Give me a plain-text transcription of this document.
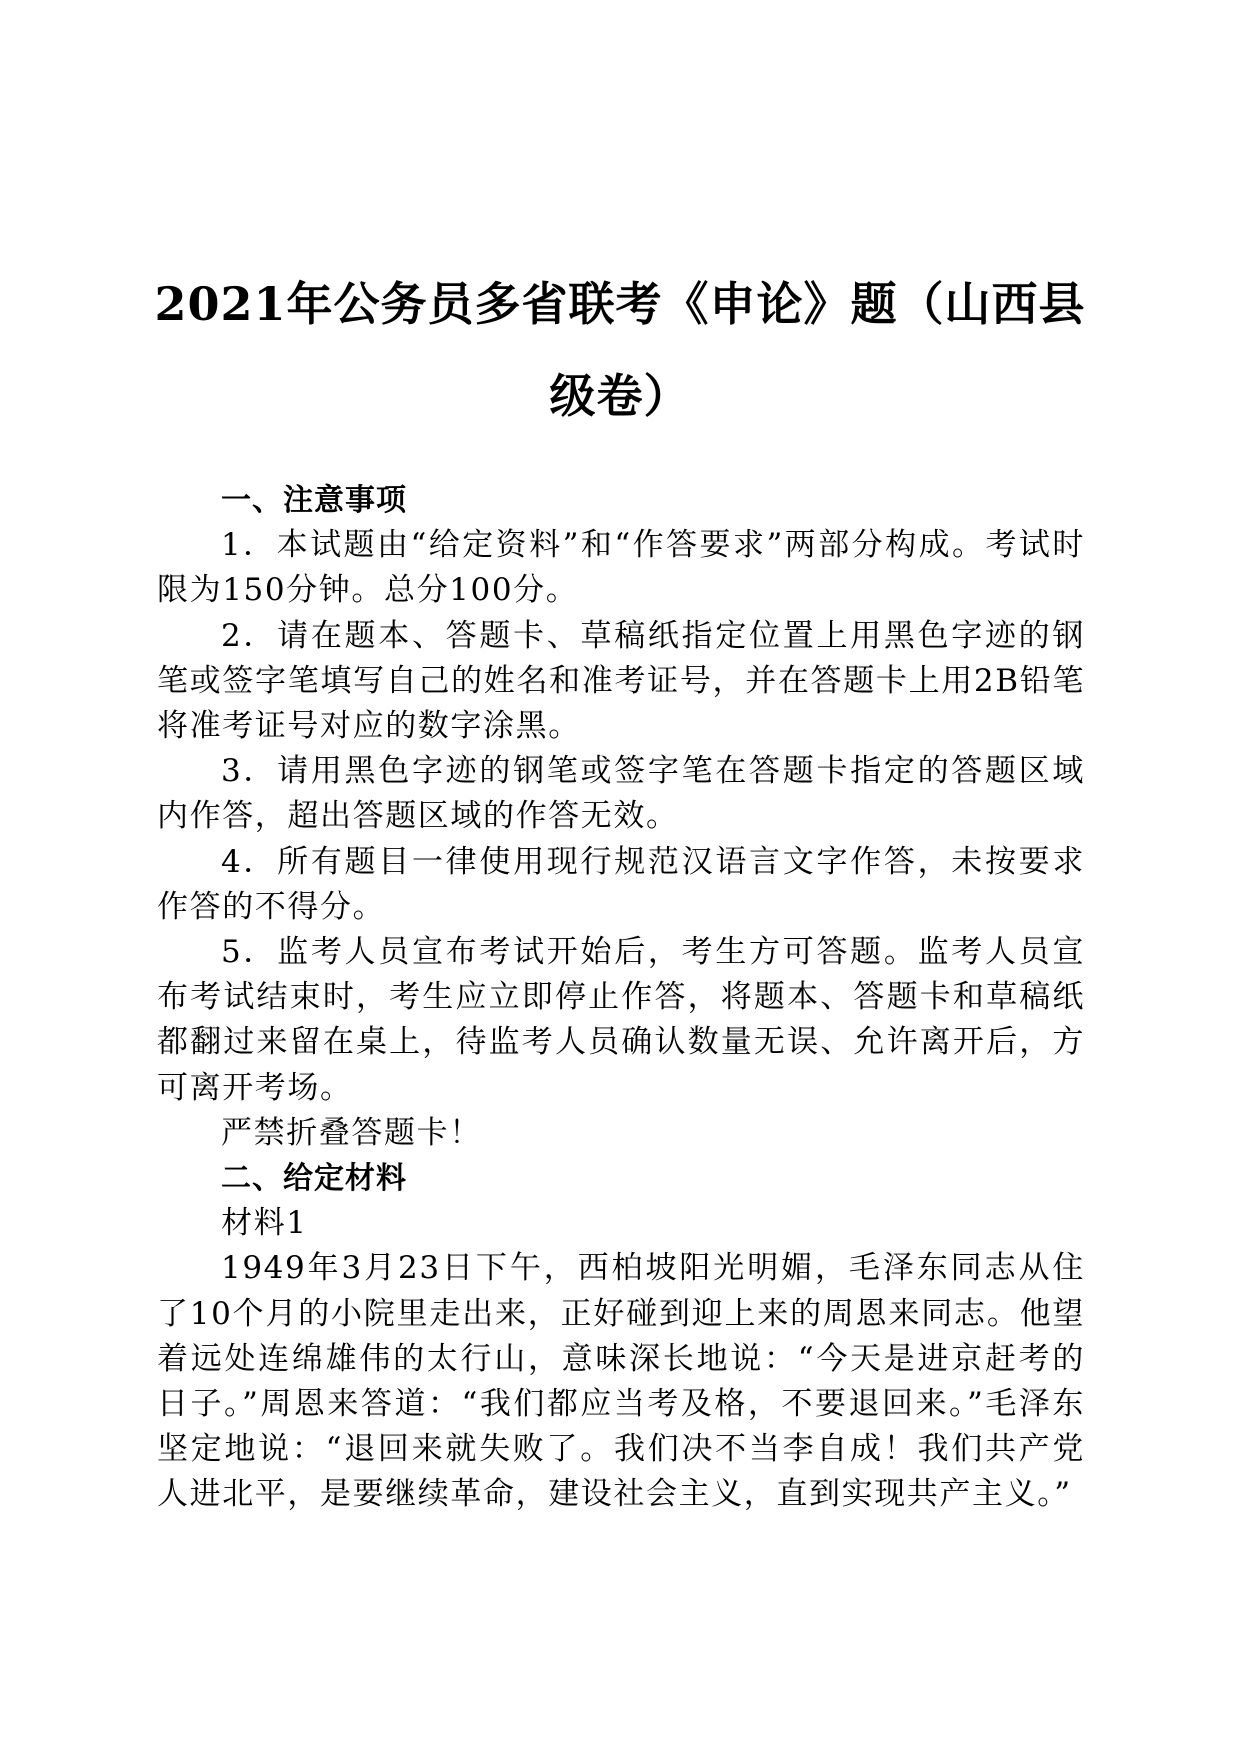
2021年公务员多省联考《申论》题（山西县级卷）

一、注意事项

1．本试题由“给定资料”和“作答要求”两部分构成。考试时限为150分钟。总分100分。

2．请在题本、答题卡、草稿纸指定位置上用黑色字迹的钢笔或签字笔填写自己的姓名和准考证号，并在答题卡上用2B铅笔将准考证号对应的数字涂黑。

3．请用黑色字迹的钢笔或签字笔在答题卡指定的答题区域内作答，超出答题区域的作答无效。

4．所有题目一律使用现行规范汉语言文字作答，未按要求作答的不得分。

5．监考人员宣布考试开始后，考生方可答题。监考人员宣布考试结束时，考生应立即停止作答，将题本、答题卡和草稿纸都翻过来留在桌上，待监考人员确认数量无误、允许离开后，方可离开考场。

严禁折叠答题卡！

二、给定材料

材料1

1949年3月23日下午，西柏坡阳光明媚，毛泽东同志从住了10个月的小院里走出来，正好碰到迎上来的周恩来同志。他望着远处连绵雄伟的太行山，意味深长地说：“今天是进京赶考的日子。”周恩来答道：“我们都应当考及格，不要退回来。”毛泽东坚定地说：“退回来就失败了。我们决不当李自成！我们共产党人进北平，是要继续革命，建设社会主义，直到实现共产主义。”
